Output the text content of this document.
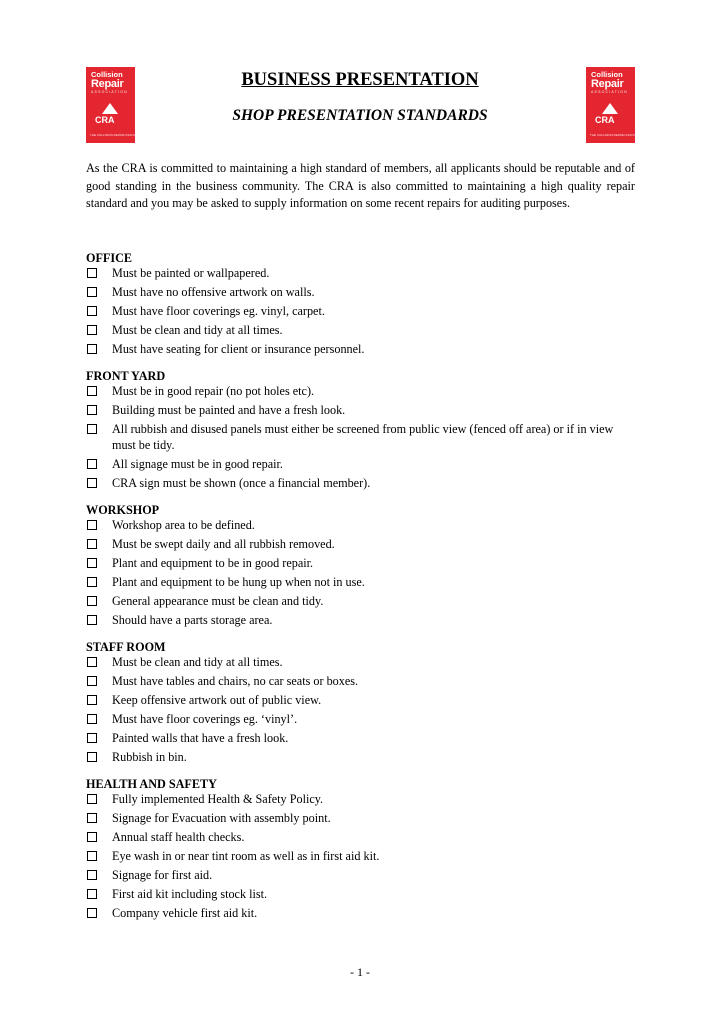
Collision
Repair
ASSOCIATION
CRA
THE COLLISION REPAIR ASSOCIATION
Collision
Repair
ASSOCIATION
CRA
THE COLLISION REPAIR ASSOCIATION
BUSINESS PRESENTATION
SHOP PRESENTATION STANDARDS

As the CRA is committed to maintaining a high standard of members, all applicants should be reputable and of good standing in the business community. The CRA is also committed to maintaining a high quality repair standard and you may be asked to supply information on some recent repairs for auditing purposes.

OFFICE
Must be painted or wallpapered.
Must have no offensive artwork on walls.
Must have floor coverings eg. vinyl, carpet.
Must be clean and tidy at all times.
Must have seating for client or insurance personnel.
FRONT YARD
Must be in good repair (no pot holes etc).
Building must be painted and have a fresh look.
All rubbish and disused panels must either be screened from public view (fenced off area) or if in view must be tidy.
All signage must be in good repair.
CRA sign must be shown (once a financial member).
WORKSHOP
Workshop area to be defined.
Must be swept daily and all rubbish removed.
Plant and equipment to be in good repair.
Plant and equipment to be hung up when not in use.
General appearance must be clean and tidy.
Should have a parts storage area.
STAFF ROOM
Must be clean and tidy at all times.
Must have tables and chairs, no car seats or boxes.
Keep offensive artwork out of public view.
Must have floor coverings eg. ‘vinyl’.
Painted walls that have a fresh look.
Rubbish in bin.
HEALTH AND SAFETY
Fully implemented Health & Safety Policy.
Signage for Evacuation with assembly point.
Annual staff health checks.
Eye wash in or near tint room as well as in first aid kit.
Signage for first aid.
First aid kit including stock list.
Company vehicle first aid kit.
- 1 -
